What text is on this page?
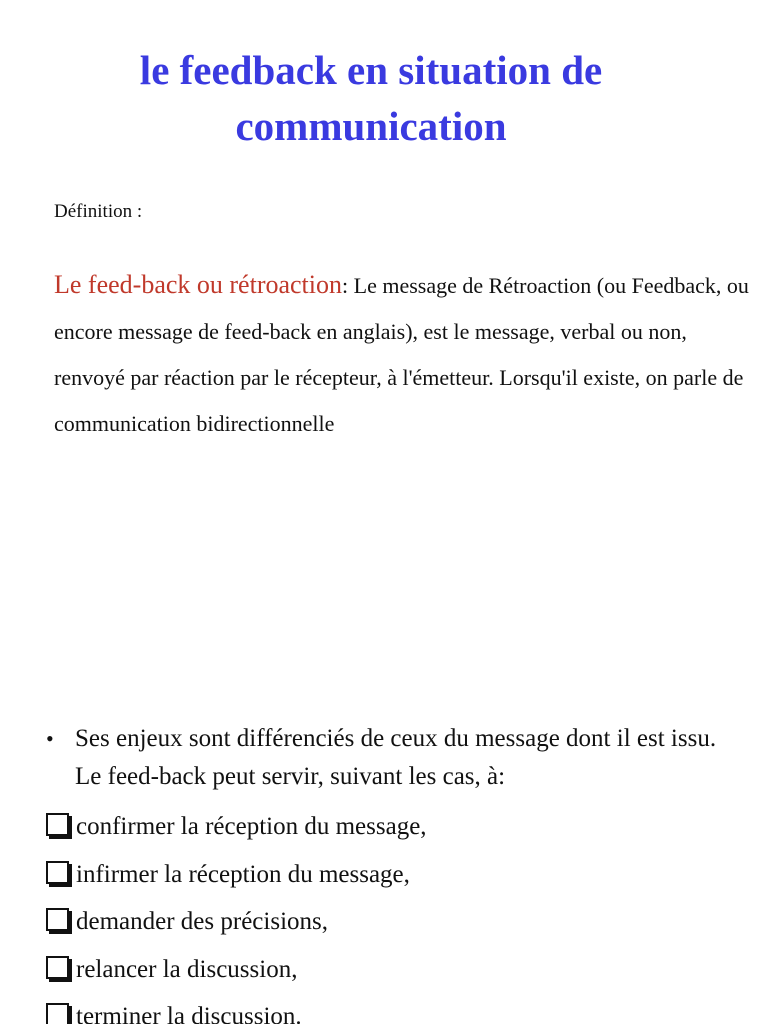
le feedback en situation de
communication
Définition :
Le feed-back ou rétroaction: Le message de Rétroaction (ou Feedback, ou encore message de feed-back en anglais), est le message, verbal ou non, renvoyé par réaction par le récepteur, à l'émetteur. Lorsqu'il existe, on parle de communication bidirectionnelle
• Ses enjeux sont différenciés de ceux du message dont il est issu. Le feed-back peut servir, suivant les cas, à:
confirmer la réception du message,
infirmer la réception du message,
demander des précisions,
relancer la discussion,
terminer la discussion.
